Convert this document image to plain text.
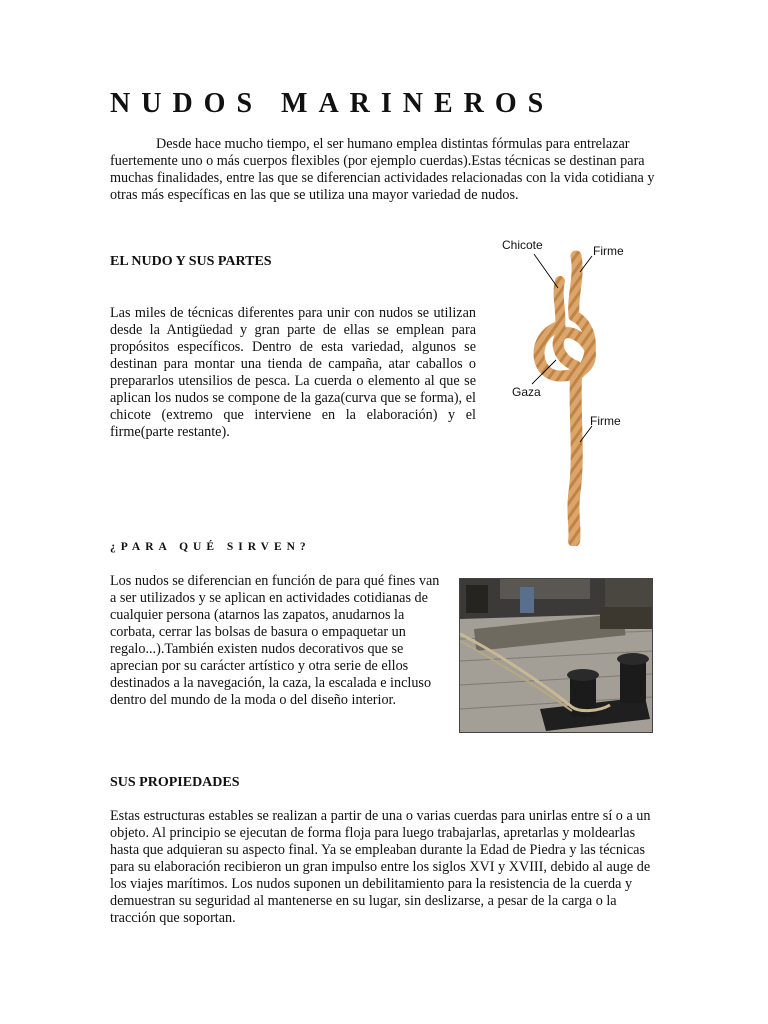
NUDOS MARINEROS
Desde hace mucho tiempo, el ser humano emplea distintas fórmulas para entrelazar fuertemente uno o más cuerpos flexibles (por ejemplo cuerdas).Estas técnicas se destinan para muchas finalidades, entre las que se diferencian actividades relacionadas con la vida cotidiana y otras más específicas en las que se utiliza una mayor variedad de nudos.
EL NUDO Y SUS PARTES
Las miles de técnicas diferentes para unir con nudos se utilizan desde la Antigüedad y gran parte de ellas se emplean para propósitos específicos. Dentro de esta variedad, algunos se destinan para montar una tienda de campaña, atar caballos o prepararlos utensilios de pesca. La cuerda o elemento al que se aplican los nudos se compone de la gaza(curva que se forma), el chicote (extremo que interviene en la elaboración) y el firme(parte restante).
Chicote	Firme
Gaza
Firme
¿PARA QUÉ SIRVEN?
Los nudos se diferencian en función de para qué fines van a ser utilizados y se aplican en actividades cotidianas de cualquier persona (atarnos las zapatos, anudarnos la corbata, cerrar las bolsas de basura o empaquetar un regalo...).También existen nudos decorativos que se aprecian por su carácter artístico y otra serie de ellos destinados a la navegación, la caza, la escalada e incluso dentro del mundo de la moda o del diseño interior.
SUS PROPIEDADES
Estas estructuras estables se realizan a partir de una o varias cuerdas para unirlas entre sí o a un objeto. Al principio se ejecutan de forma floja para luego trabajarlas, apretarlas y moldearlas hasta que adquieran su aspecto final. Ya se empleaban durante la Edad de Piedra y las técnicas para su elaboración recibieron un gran impulso entre los siglos XVI y XVIII, debido al auge de los viajes marítimos. Los nudos suponen un debilitamiento para la resistencia de la cuerda y demuestran su seguridad al mantenerse en su lugar, sin deslizarse, a pesar de la carga o la tracción que soportan.
